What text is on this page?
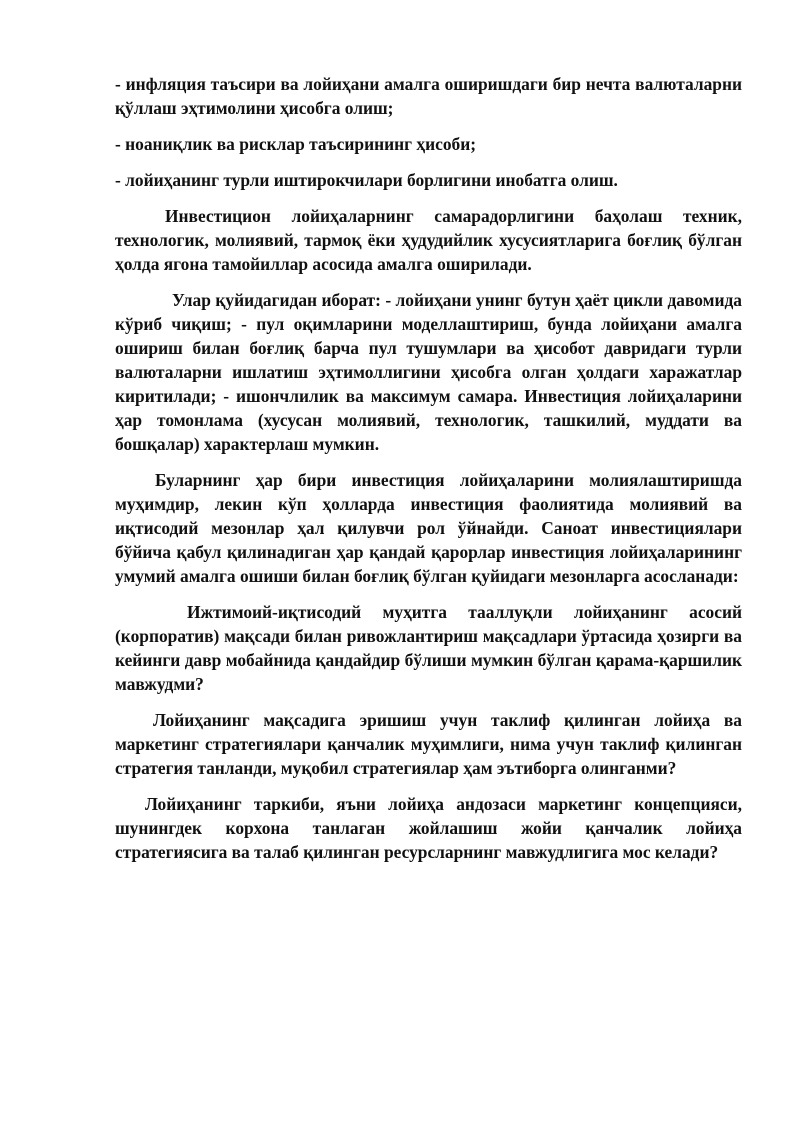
- инфляция таъсири ва лойиҳани амалга оширишдаги бир нечта валюталарни қўллаш эҳтимолини ҳисобга олиш;

- ноаниқлик ва рисклар таъсирининг ҳисоби;

- лойиҳанинг турли иштирокчилари борлигини инобатга олиш.

Инвестицион лойиҳаларнинг самарадорлигини баҳолаш техник, технологик, молиявий, тармоқ ёки ҳудудийлик хусусиятларига боғлиқ бўлган ҳолда ягона тамойиллар асосида амалга оширилади.

Улар қуйидагидан иборат: - лойиҳани унинг бутун ҳаёт цикли давомида кўриб чиқиш; - пул оқимларини моделлаштириш, бунда лойиҳани амалга ошириш билан боғлиқ барча пул тушумлари ва ҳисобот давридаги турли валюталарни ишлатиш эҳтимоллигини ҳисобга олган ҳолдаги харажатлар киритилади; - ишончлилик ва максимум самара. Инвестиция лойиҳаларини ҳар томонлама (хусусан молиявий, технологик, ташкилий, муддати ва бошқалар) характерлаш мумкин.

Буларнинг ҳар бири инвестиция лойиҳаларини молиялаштиришда муҳимдир, лекин кўп ҳолларда инвестиция фаолиятида молиявий ва иқтисодий мезонлар ҳал қилувчи рол ўйнайди. Саноат инвестициялари бўйича қабул қилинадиган ҳар қандай қарорлар инвестиция лойиҳаларининг умумий амалга ошиши билан боғлиқ бўлган қуйидаги мезонларга асосланади:

Ижтимоий-иқтисодий муҳитга тааллуқли лойиҳанинг асосий (корпоратив) мақсади билан ривожлантириш мақсадлари ўртасида ҳозирги ва кейинги давр мобайнида қандайдир бўлиши мумкин бўлган қарама-қаршилик мавжудми?

Лойиҳанинг мақсадига эришиш учун таклиф қилинган лойиҳа ва маркетинг стратегиялари қанчалик муҳимлиги, нима учун таклиф қилинган стратегия танланди, муқобил стратегиялар ҳам эътиборга олинганми?

Лойиҳанинг таркиби, яъни лойиҳа андозаси маркетинг концепцияси, шунингдек корхона танлаган жойлашиш жойи қанчалик лойиҳа стратегиясига ва талаб қилинган ресурсларнинг мавжудлигига мос келади?
